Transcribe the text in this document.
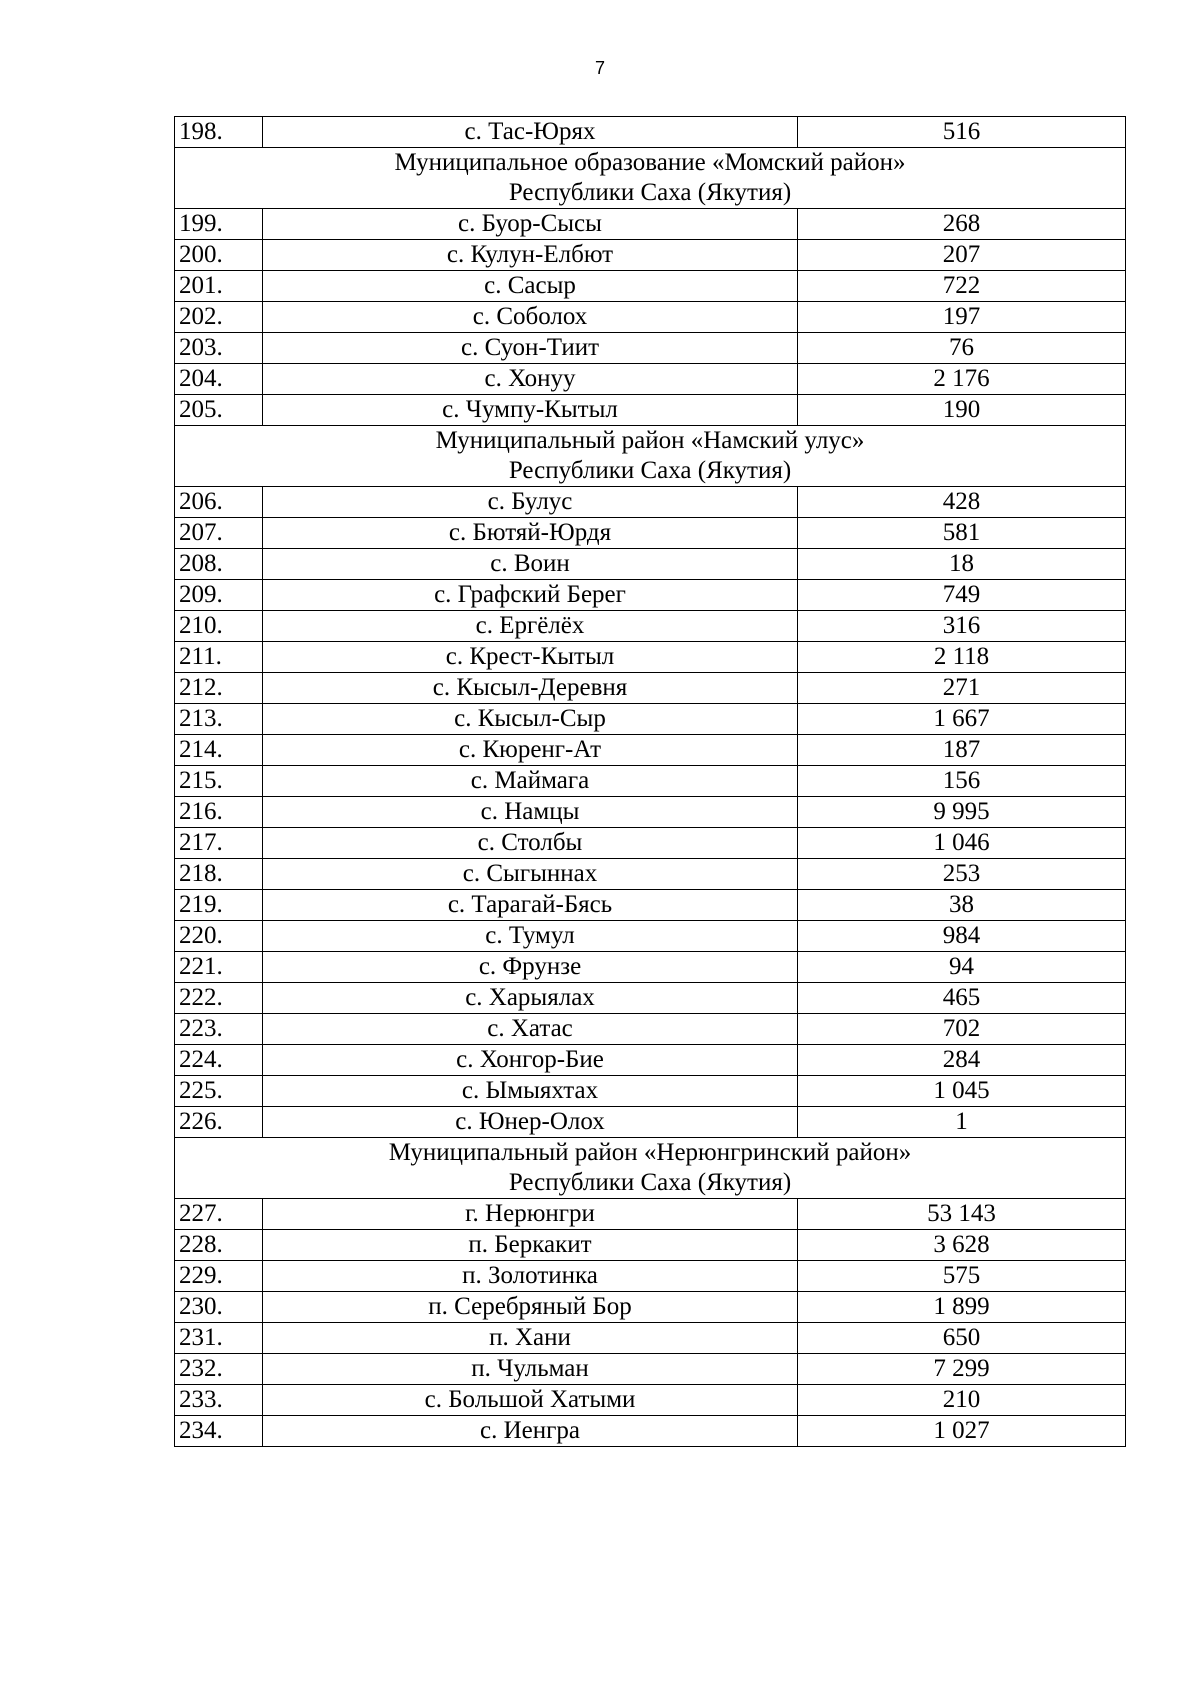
7
198.	с. Тас-Юрях	516

Муниципальное образование «Момский район»
Республики Саха (Якутия)		

199.	с. Буор-Сысы	268
200.	с. Кулун-Елбют	207
201.	с. Сасыр	722
202.	с. Соболох	197
203.	с. Суон-Тиит	76
204.	с. Хонуу	2 176
205.	с. Чумпу-Кытыл	190

Муниципальный район «Намский улус»
Республики Саха (Якутия)		

206.	с. Булус	428
207.	с. Бютяй-Юрдя	581
208.	с. Воин	18
209.	с. Графский Берег	749
210.	с. Ергёлёх	316
211.	с. Крест-Кытыл	2 118
212.	с. Кысыл-Деревня	271
213.	с. Кысыл-Сыр	1 667
214.	с. Кюренг-Ат	187
215.	с. Маймага	156
216.	с. Намцы	9 995
217.	с. Столбы	1 046
218.	с. Сыгыннах	253
219.	с. Тарагай-Бясь	38
220.	с. Тумул	984
221.	с. Фрунзе	94
222.	с. Харыялах	465
223.	с. Хатас	702
224.	с. Хонгор-Бие	284
225.	с. Ымыяхтах	1 045
226.	с. Юнер-Олох	1

Муниципальный район «Нерюнгринский район»
Республики Саха (Якутия)		

227.	г. Нерюнгри	53 143
228.	п. Беркакит	3 628
229.	п. Золотинка	575
230.	п. Серебряный Бор	1 899
231.	п. Хани	650
232.	п. Чульман	7 299
233.	с. Большой Хатыми	210
234.	с. Иенгра	1 027
